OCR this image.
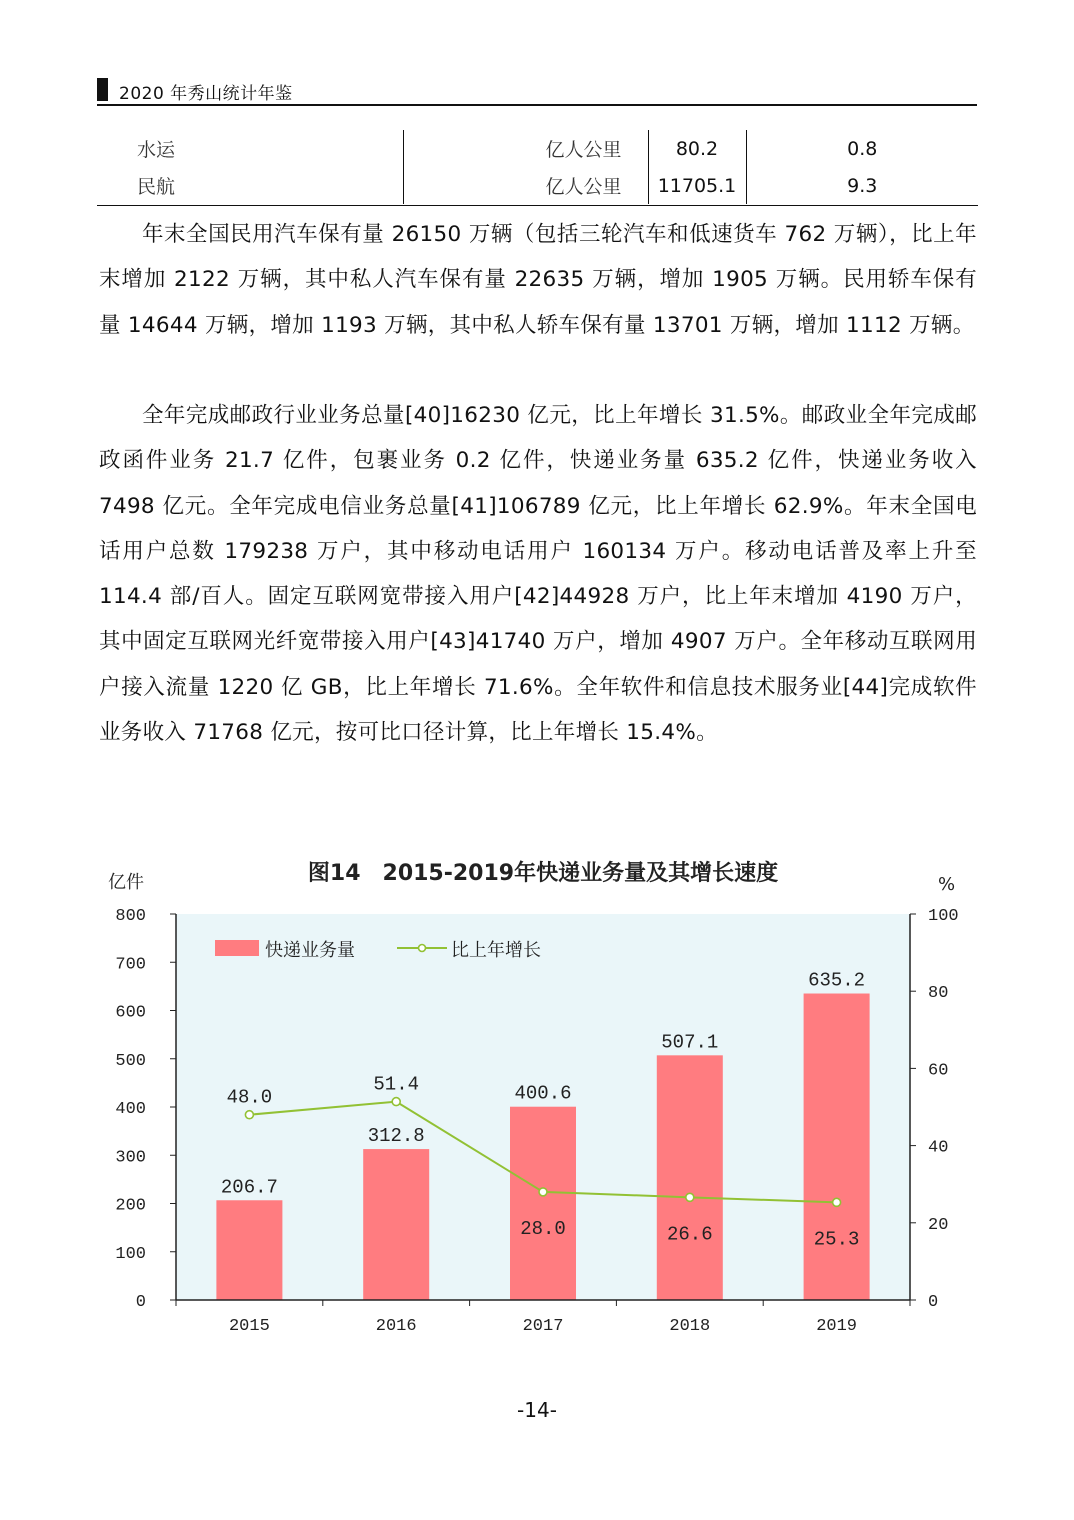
2020 年秀山统计年鉴
水运	亿人公里	80.2	0.8
民航	亿人公里	11705.1	9.3

年末全国民用汽车保有量 26150 万辆（包括三轮汽车和低速货车 762 万辆），比上年末增加 2122 万辆，其中私人汽车保有量 22635 万辆，增加 1905 万辆。民用轿车保有量 14644 万辆，增加 1193 万辆，其中私人轿车保有量 13701 万辆，增加 1112 万辆。

全年完成邮政行业业务总量[40]16230 亿元，比上年增长 31.5%。邮政业全年完成邮政函件业务 21.7 亿件，包裹业务 0.2 亿件，快递业务量 635.2 亿件，快递业务收入 7498 亿元。全年完成电信业务总量[41]106789 亿元，比上年增长 62.9%。年末全国电话用户总数 179238 万户，其中移动电话用户 160134 万户。移动电话普及率上升至 114.4 部/百人。固定互联网宽带接入用户[42]44928 万户，比上年末增加 4190 万户，其中固定互联网光纤宽带接入用户[43]41740 万户，增加 4907 万户。全年移动互联网用户接入流量 1220 亿 GB，比上年增长 71.6%。全年软件和信息技术服务业[44]完成软件业务收入 71768 亿元，按可比口径计算，比上年增长 15.4%。

图14　2015-2019年快递业务量及其增长速度
亿件	%
206.7
312.8
400.6
507.1
635.2
0
100
200
300
400
500
600
700
800
0
20
40
60
80
100
2015	2016	2017	2018	2019
48.0
51.4
28.0	26.6	25.3
快递业务量	比上年增长
-14-
